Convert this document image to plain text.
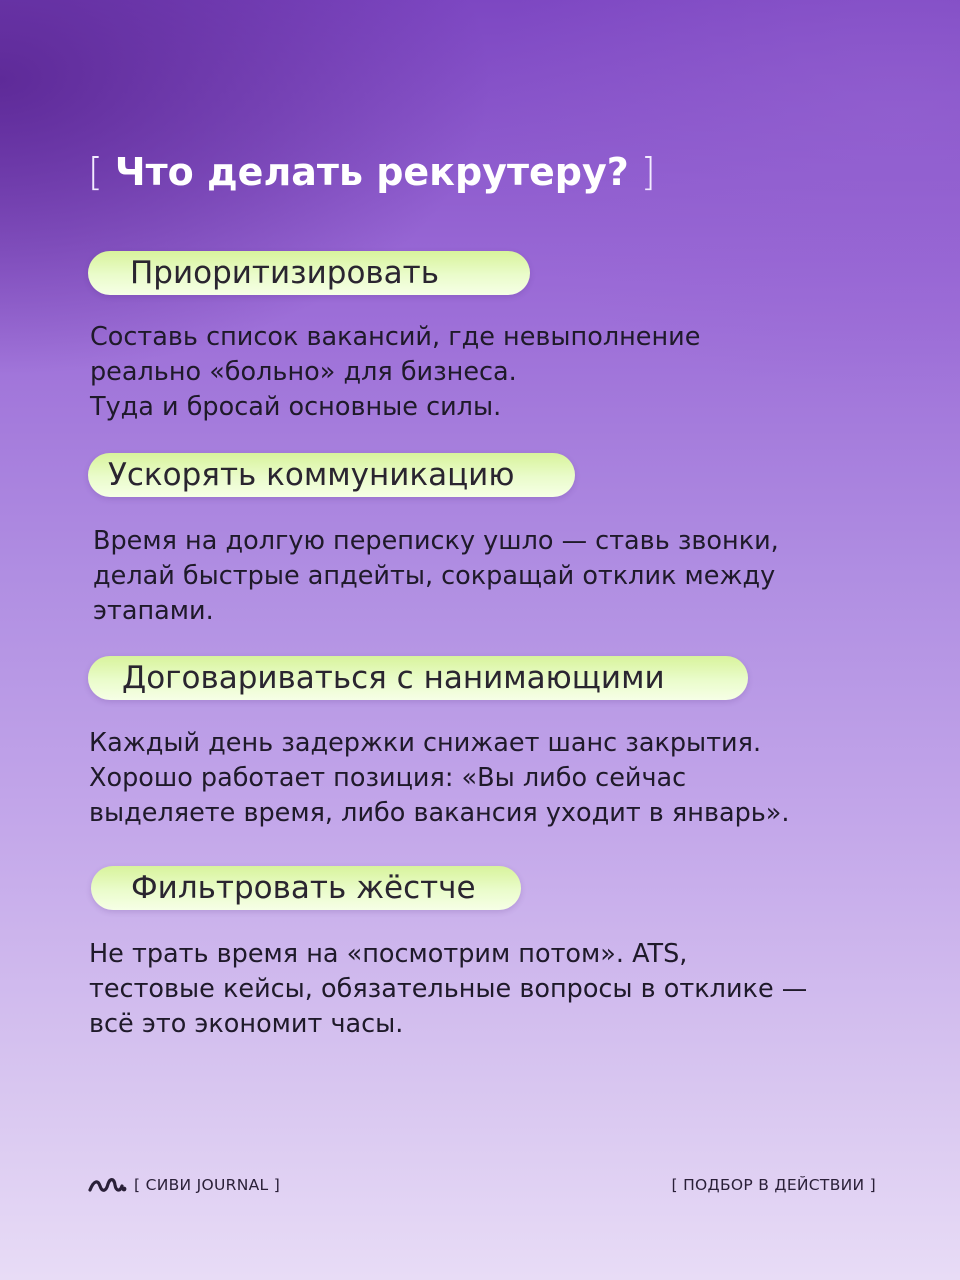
[ Что делать рекрутеру? ]
Приоритизировать
Составь список вакансий, где невыполнение
реально «больно» для бизнеса.
Туда и бросай основные силы.
Ускорять коммуникацию
Время на долгую переписку ушло — ставь звонки,
делай быстрые апдейты, сокращай отклик между
этапами.
Договариваться с нанимающими
Каждый день задержки снижает шанс закрытия.
Хорошо работает позиция: «Вы либо сейчас
выделяете время, либо вакансия уходит в январь».
Фильтровать жёстче
Не трать время на «посмотрим потом». ATS,
тестовые кейсы, обязательные вопросы в отклике —
всё это экономит часы.
[ СИВИ JOURNAL ]	[ ПОДБОР В ДЕЙСТВИИ ]
